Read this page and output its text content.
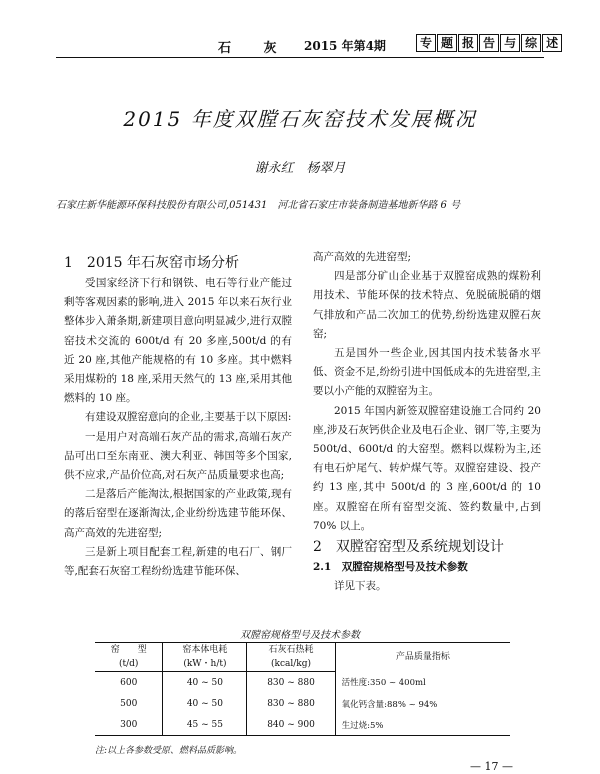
石 灰 2015 年第4期	专 题 报 告 与 综 述
2015 年度双膛石灰窑技术发展概况
谢永红　杨翠月
石家庄新华能源环保科技股份有限公司,051431　河北省石家庄市装备制造基地新华路 6 号
1　2015 年石灰窑市场分析

受国家经济下行和钢铁、电石等行业产能过剩等客观因素的影响,进入 2015 年以来石灰行业整体步入萧条期,新建项目意向明显减少,进行双膛窑技术交流的 600t/d 有 20 多座,500t/d 的有近 20 座,其他产能规格的有 10 多座。其中燃料采用煤粉的 18 座,采用天然气的 13 座,采用其他燃料的 10 座。

有建设双膛窑意向的企业,主要基于以下原因:

一是用户对高端石灰产品的需求,高端石灰产品可出口至东南亚、澳大利亚、韩国等多个国家,供不应求,产品价位高,对石灰产品质量要求也高;

二是落后产能淘汰,根据国家的产业政策,现有的落后窑型在逐渐淘汰,企业纷纷选建节能环保、高产高效的先进窑型;

三是新上项目配套工程,新建的电石厂、钢厂等,配套石灰窑工程纷纷选建节能环保、

高产高效的先进窑型;

四是部分矿山企业基于双膛窑成熟的煤粉利用技术、节能环保的技术特点、免脱硫脱硝的烟气排放和产品二次加工的优势,纷纷选建双膛石灰窑;

五是国外一些企业,因其国内技术装备水平低、资金不足,纷纷引进中国低成本的先进窑型,主要以小产能的双膛窑为主。

2015 年国内新签双膛窑建设施工合同约 20 座,涉及石灰钙供企业及电石企业、钢厂等,主要为 500t/d、600t/d 的大窑型。燃料以煤粉为主,还有电石炉尾气、转炉煤气等。双膛窑建设、投产约 13 座,其中 500t/d 的 3 座,600t/d 的 10 座。双膛窑在所有窑型交流、签约数量中,占到 70% 以上。

2　双膛窑窑型及系统规划设计
2.1　双膛窑规格型号及技术参数

详见下表。

双膛窑规格型号及技术参数
窑　　型	窑本体电耗	石灰石热耗	产品质量指标
(t/d)	(kW・h/t)	(kcal/kg)	
600	40 ~ 50	830 ~ 880	活性度:350 ~ 400ml
500	40 ~ 50	830 ~ 880	氧化钙含量:88% ~ 94%
300	45 ~ 55	840 ~ 900	生过烧:5%
注:以上各参数受原、燃料品质影响。
— 17 —
